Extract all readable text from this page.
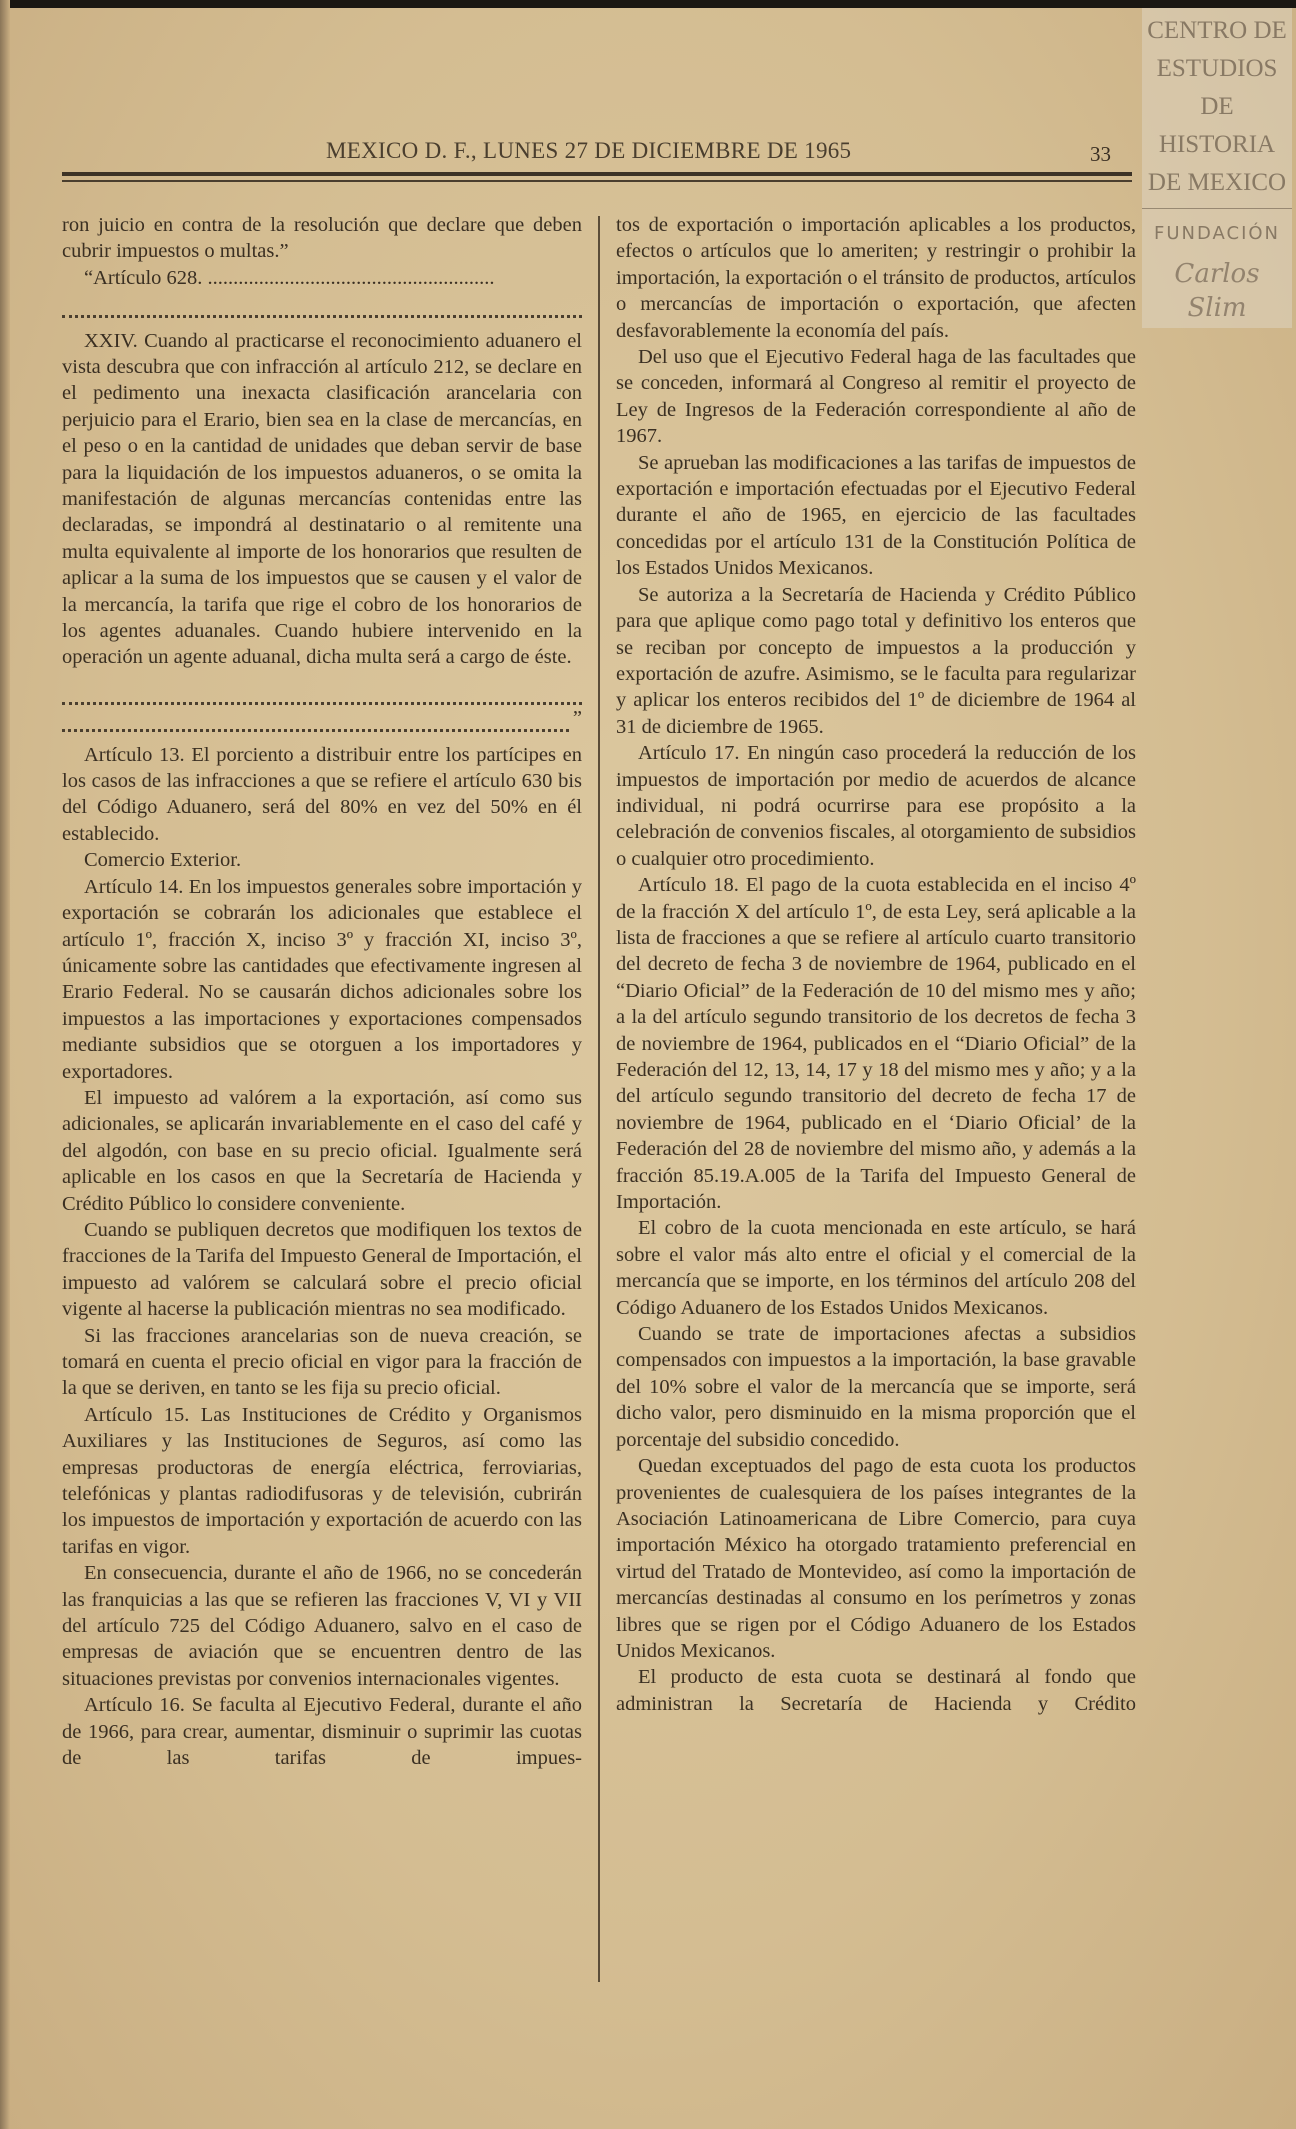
MEXICO D. F., LUNES 27 DE DICIEMBRE DE 1965	33

ron juicio en contra de la resolución que declare que deben cubrir impuestos o multas.”

“Artículo 628. ........................................................

XXIV. Cuando al practicarse el reconocimiento aduanero el vista descubra que con infracción al artículo 212, se declare en el pedimento una inexacta clasificación arancelaria con perjuicio para el Erario, bien sea en la clase de mercancías, en el peso o en la cantidad de unidades que deban servir de base para la liquidación de los impuestos aduaneros, o se omita la manifestación de algunas mercancías contenidas entre las declaradas, se impondrá al destinatario o al remitente una multa equivalente al importe de los honorarios que resulten de aplicar a la suma de los impuestos que se causen y el valor de la mercancía, la tarifa que rige el cobro de los honorarios de los agentes aduanales. Cuando hubiere intervenido en la operación un agente aduanal, dicha multa será a cargo de éste.

”

Artículo 13. El porciento a distribuir entre los partícipes en los casos de las infracciones a que se refiere el artículo 630 bis del Código Aduanero, será del 80% en vez del 50% en él establecido.

Comercio Exterior.

Artículo 14. En los impuestos generales sobre importación y exportación se cobrarán los adicionales que establece el artículo 1º, fracción X, inciso 3º y fracción XI, inciso 3º, únicamente sobre las cantidades que efectivamente ingresen al Erario Federal. No se causarán dichos adicionales sobre los impuestos a las importaciones y exportaciones compensados mediante subsidios que se otorguen a los importadores y exportadores.

El impuesto ad valórem a la exportación, así como sus adicionales, se aplicarán invariablemente en el caso del café y del algodón, con base en su precio oficial. Igualmente será aplicable en los casos en que la Secretaría de Hacienda y Crédito Público lo considere conveniente.

Cuando se publiquen decretos que modifiquen los textos de fracciones de la Tarifa del Impuesto General de Importación, el impuesto ad valórem se calculará sobre el precio oficial vigente al hacerse la publicación mientras no sea modificado.

Si las fracciones arancelarias son de nueva creación, se tomará en cuenta el precio oficial en vigor para la fracción de la que se deriven, en tanto se les fija su precio oficial.

Artículo 15. Las Instituciones de Crédito y Organismos Auxiliares y las Instituciones de Seguros, así como las empresas productoras de energía eléctrica, ferroviarias, telefónicas y plantas radiodifusoras y de televisión, cubrirán los impuestos de importación y exportación de acuerdo con las tarifas en vigor.

En consecuencia, durante el año de 1966, no se concederán las franquicias a las que se refieren las fracciones V, VI y VII del artículo 725 del Código Aduanero, salvo en el caso de empresas de aviación que se encuentren dentro de las situaciones previstas por convenios internacionales vigentes.

Artículo 16. Se faculta al Ejecutivo Federal, durante el año de 1966, para crear, aumentar, disminuir o suprimir las cuotas de las tarifas de impues-

tos de exportación o importación aplicables a los productos, efectos o artículos que lo ameriten; y restringir o prohibir la importación, la exportación o el tránsito de productos, artículos o mercancías de importación o exportación, que afecten desfavorablemente la economía del país.

Del uso que el Ejecutivo Federal haga de las facultades que se conceden, informará al Congreso al remitir el proyecto de Ley de Ingresos de la Federación correspondiente al año de 1967.

Se aprueban las modificaciones a las tarifas de impuestos de exportación e importación efectuadas por el Ejecutivo Federal durante el año de 1965, en ejercicio de las facultades concedidas por el artículo 131 de la Constitución Política de los Estados Unidos Mexicanos.

Se autoriza a la Secretaría de Hacienda y Crédito Público para que aplique como pago total y definitivo los enteros que se reciban por concepto de impuestos a la producción y exportación de azufre. Asimismo, se le faculta para regularizar y aplicar los enteros recibidos del 1º de diciembre de 1964 al 31 de diciembre de 1965.

Artículo 17. En ningún caso procederá la reducción de los impuestos de importación por medio de acuerdos de alcance individual, ni podrá ocurrirse para ese propósito a la celebración de convenios fiscales, al otorgamiento de subsidios o cualquier otro procedimiento.

Artículo 18. El pago de la cuota establecida en el inciso 4º de la fracción X del artículo 1º, de esta Ley, será aplicable a la lista de fracciones a que se refiere al artículo cuarto transitorio del decreto de fecha 3 de noviembre de 1964, publicado en el “Diario Oficial” de la Federación de 10 del mismo mes y año; a la del artículo segundo transitorio de los decretos de fecha 3 de noviembre de 1964, publicados en el “Diario Oficial” de la Federación del 12, 13, 14, 17 y 18 del mismo mes y año; y a la del artículo segundo transitorio del decreto de fecha 17 de noviembre de 1964, publicado en el ‘Diario Oficial’ de la Federación del 28 de noviembre del mismo año, y además a la fracción 85.19.A.005 de la Tarifa del Impuesto General de Importación.

El cobro de la cuota mencionada en este artículo, se hará sobre el valor más alto entre el oficial y el comercial de la mercancía que se importe, en los términos del artículo 208 del Código Aduanero de los Estados Unidos Mexicanos.

Cuando se trate de importaciones afectas a subsidios compensados con impuestos a la importación, la base gravable del 10% sobre el valor de la mercancía que se importe, será dicho valor, pero disminuido en la misma proporción que el porcentaje del subsidio concedido.

Quedan exceptuados del pago de esta cuota los productos provenientes de cualesquiera de los países integrantes de la Asociación Latinoamericana de Libre Comercio, para cuya importación México ha otorgado tratamiento preferencial en virtud del Tratado de Montevideo, así como la importación de mercancías destinadas al consumo en los perímetros y zonas libres que se rigen por el Código Aduanero de los Estados Unidos Mexicanos.

El producto de esta cuota se destinará al fondo que administran la Secretaría de Hacienda y Crédito

CENTRO DE
ESTUDIOS
DE HISTORIA
DE MEXICO
FUNDACIÓN
Carlos Slim
